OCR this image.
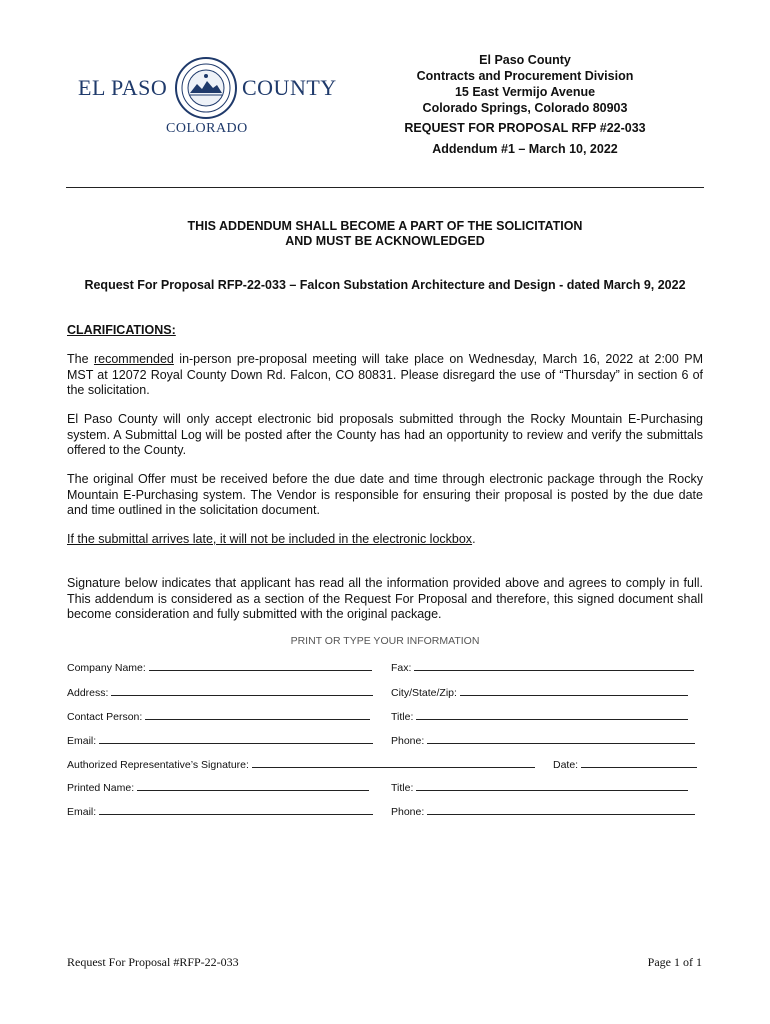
EL PASO	COUNTY
COLORADO
El Paso County
Contracts and Procurement Division
15 East Vermijo Avenue
Colorado Springs, Colorado 80903
REQUEST FOR PROPOSAL RFP #22-033
Addendum #1 – March 10, 2022
THIS ADDENDUM SHALL BECOME A PART OF THE SOLICITATION
AND MUST BE ACKNOWLEDGED
Request For Proposal RFP-22-033 – Falcon Substation Architecture and Design - dated March 9, 2022
CLARIFICATIONS:
The recommended in-person pre-proposal meeting will take place on Wednesday, March 16, 2022 at 2:00 PM MST at 12072 Royal County Down Rd. Falcon, CO 80831. Please disregard the use of “Thursday” in section 6 of the solicitation.
El Paso County will only accept electronic bid proposals submitted through the Rocky Mountain E-Purchasing system. A Submittal Log will be posted after the County has had an opportunity to review and verify the submittals offered to the County.
The original Offer must be received before the due date and time through electronic package through the Rocky Mountain E-Purchasing system. The Vendor is responsible for ensuring their proposal is posted by the due date and time outlined in the solicitation document.
If the submittal arrives late, it will not be included in the electronic lockbox.
Signature below indicates that applicant has read all the information provided above and agrees to comply in full. This addendum is considered as a section of the Request For Proposal and therefore, this signed document shall become consideration and fully submitted with the original package.
PRINT OR TYPE YOUR INFORMATION
Company Name:	Fax:
Address:	City/State/Zip:
Contact Person:	Title:
Email:	Phone:
Authorized Representative’s Signature:	Date:
Printed Name:	Title:
Email:	Phone:
Request For Proposal #RFP-22-033	Page 1 of 1
